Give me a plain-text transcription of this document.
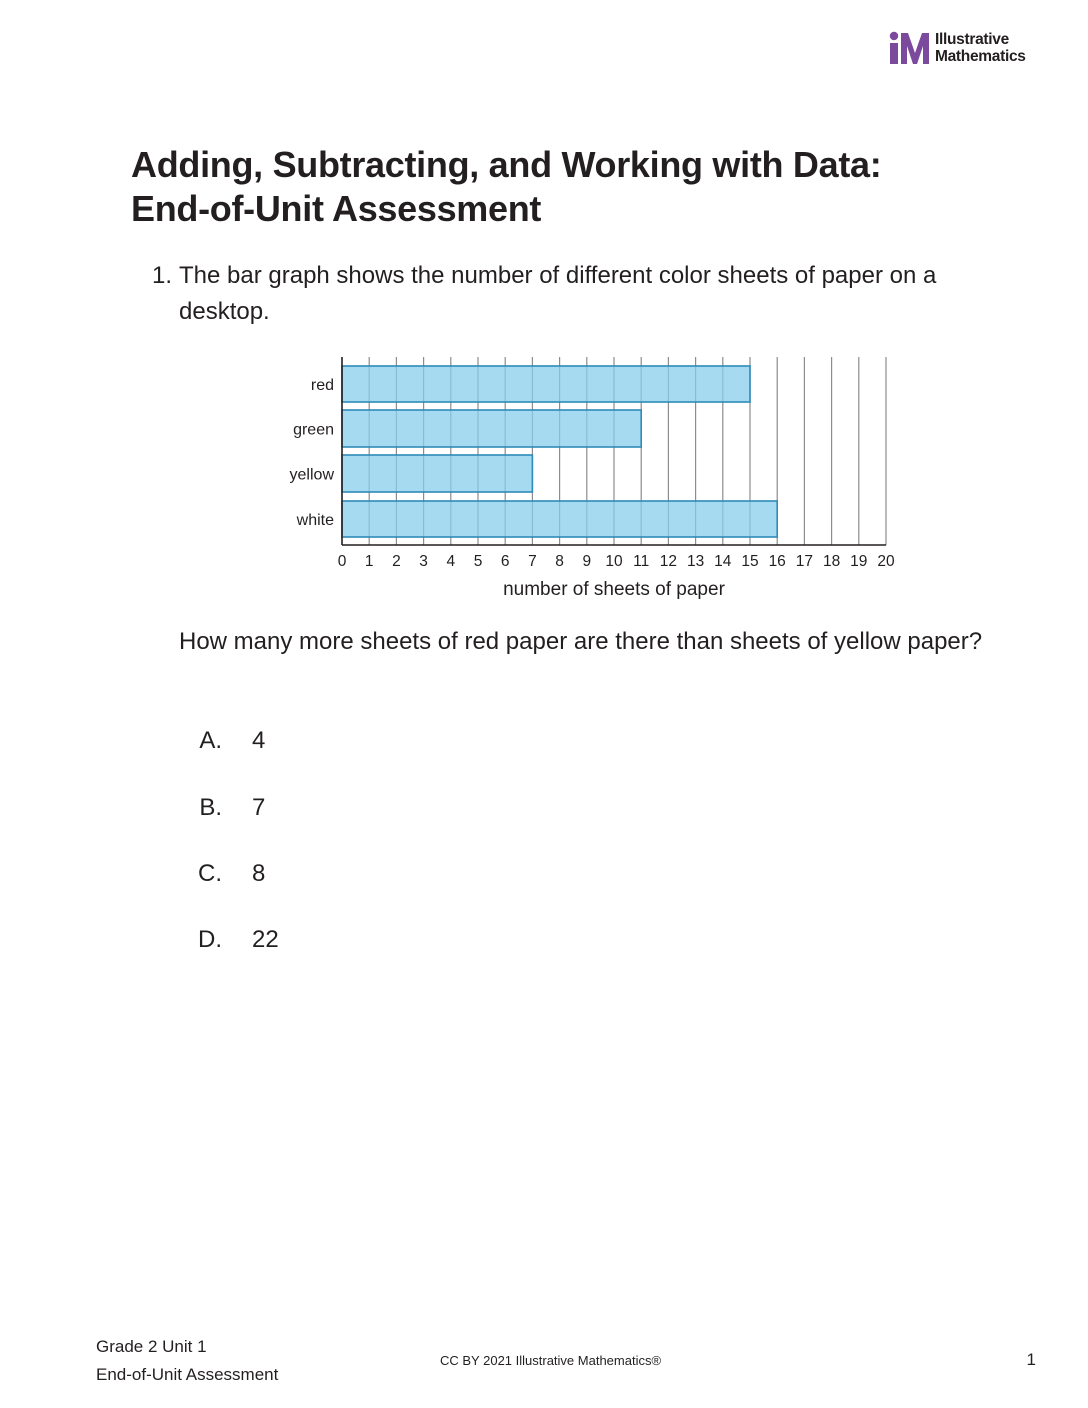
Illustrative
Mathematics
Adding, Subtracting, and Working with Data:
End-of-Unit Assessment
1. The bar graph shows the number of different color sheets of paper on a desktop.
red
green
yellow
white
0 1 2 3 4 5 6 7 8 9 10 11 12 13 14 15 16 17 18 19 20
number of sheets of paper
How many more sheets of red paper are there than sheets of yellow paper?
A. 4
B. 7
C. 8
D. 22
Grade 2 Unit 1
End-of-Unit Assessment
CC BY 2021 Illustrative Mathematics®	1
